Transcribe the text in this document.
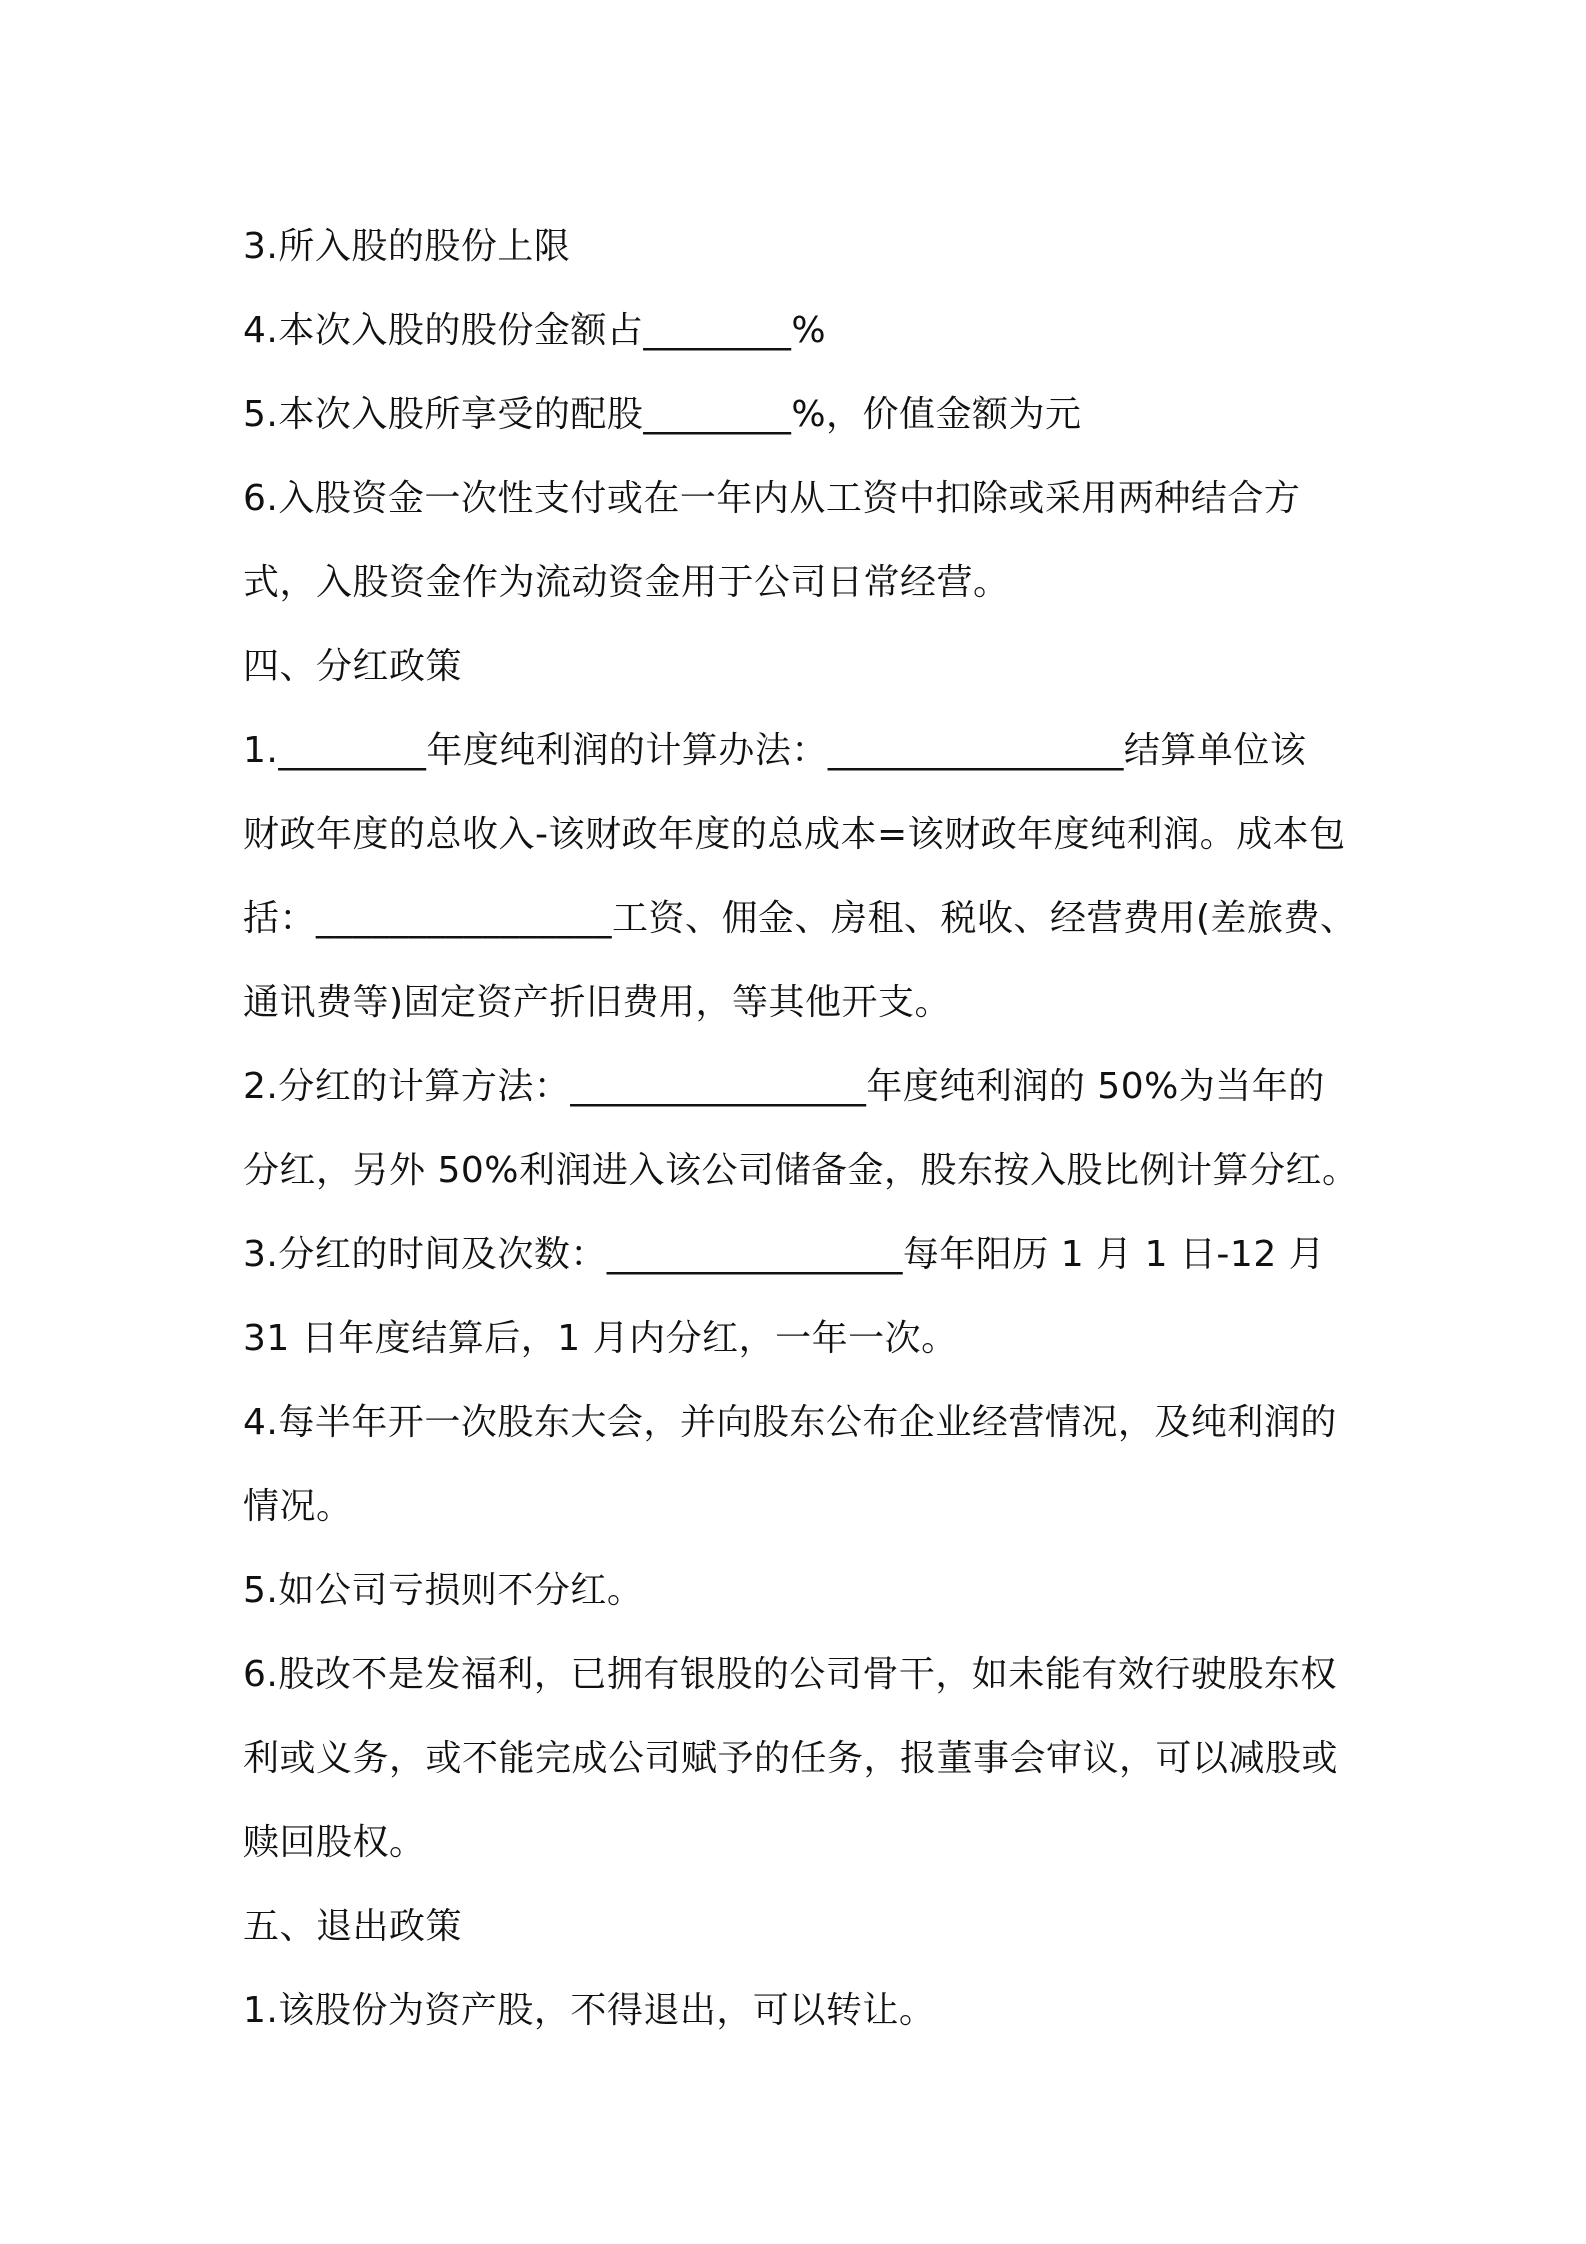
3.所入股的股份上限
4.本次入股的股份金额占________%
5.本次入股所享受的配股________%，价值金额为元
6.入股资金一次性支付或在一年内从工资中扣除或采用两种结合方
式，入股资金作为流动资金用于公司日常经营。
四、分红政策
1.________年度纯利润的计算办法：________________结算单位该
财政年度的总收入-该财政年度的总成本=该财政年度纯利润。成本包
括：________________工资、佣金、房租、税收、经营费用(差旅费、
通讯费等)固定资产折旧费用，等其他开支。
2.分红的计算方法：________________年度纯利润的 50%为当年的
分红，另外 50%利润进入该公司储备金，股东按入股比例计算分红。
3.分红的时间及次数：________________每年阳历 1 月 1 日-12 月
31 日年度结算后，1 月内分红，一年一次。
4.每半年开一次股东大会，并向股东公布企业经营情况，及纯利润的
情况。
5.如公司亏损则不分红。
6.股改不是发福利，已拥有银股的公司骨干，如未能有效行驶股东权
利或义务，或不能完成公司赋予的任务，报董事会审议，可以减股或
赎回股权。
五、退出政策
1.该股份为资产股，不得退出，可以转让。
